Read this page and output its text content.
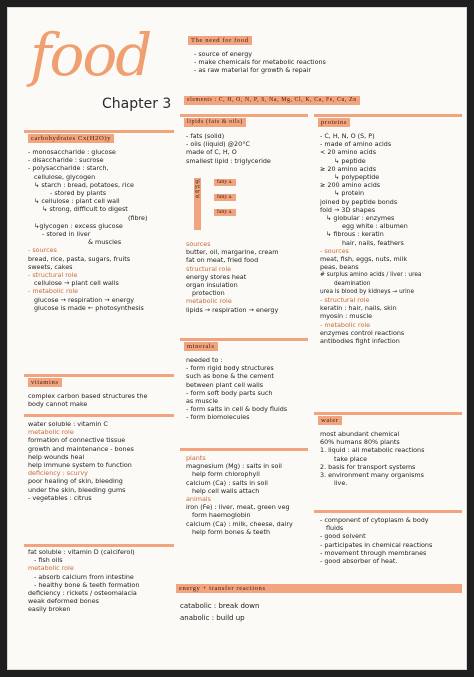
food
Chapter 3
The need for food
- source of energy
- make chemicals for metabolic reactions
- as raw material for growth & repair
elements : C, H, O, N, P, S, Na, Mg, Cl, K, Ca, Fe, Cu, Zn
carbohydrates Cx(H2O)y
- monosaccharide : glucose
- disaccharide : sucrose
- polysaccharide : starch,
cellulose, glycogen
↳ starch : bread, potatoes, rice
- stored by plants
↳ cellulose : plant cell wall
↳ strong, difficult to digest
(fibre)
↳glycogen : excess glucose
- stored in liver
& muscles
- sources
bread, rice, pasta, sugars, fruits
sweets, cakes
- structural role
cellulose → plant cell walls
- metabolic role
glucose → respiration → energy
glucose is made ← photosynthesis
vitamins
complex carbon based structures the
body cannot make
water soluble : vitamin C
metabolic role
formation of connective tissue
growth and maintenance - bones
help wounds heal
help immune system to function
deficiency : scurvy
poor healing of skin, bleeding
under the skin, bleeding gums
- vegetables : citrus
fat soluble : vitamin D (calciferol)
- fish oils
metabolic role
- absorb calcium from intestine
- healthy bone & teeth formation
deficiency : rickets / osteomalacia
weak deformed bones
easily broken
lipids (fats & oils)
- fats (solid)
- oils (liquid) @20°C
made of C, H, O
smallest lipid : triglyceride
glycerol
fatty a.
fatty a.
fatty a.
sources
butter, oil, margarine, cream
fat on meat, fried food
structural role
energy stores heat
organ insulation
protection
metabolic role
lipids → respiration → energy
minerals
needed to :
- form rigid body structures
such as bone & the cement
between plant cell walls
- form soft body parts such
as muscle
- form salts in cell & body fluids
- form biomolecules
plants
magnesium (Mg) : salts in soil
help form chlorophyll
calcium (Ca) : salts in soil
help cell walls attach
animals
iron (Fe) : liver, meat, green veg
form haemoglobin
calcium (Ca) : milk, cheese, dairy
help form bones & teeth
proteins
- C, H, N, O (S, P)
- made of amino acids
< 20 amino acids
↳ peptide
≥ 20 amino acids
↳ polypeptide
≥ 200 amino acids
↳ protein
joined by peptide bonds
fold → 3D shapes
↳ globular : enzymes
egg white : albumen
↳ fibrous : keratin
hair, nails, feathers
- sources
meat, fish, eggs, nuts, milk
peas, beans
# surplus amino acids / liver : urea
deamination
urea is blood by kidneys → urine
- structural role
keratin : hair, nails, skin
myosin : muscle
- metabolic role
enzymes control reactions
antibodies fight infection
water
most abundant chemical
60% humans 80% plants
1. liquid : all metabolic reactions
take place
2. basis for transport systems
3. environment many organisms
live.
- component of cytoplasm & body
fluids
- good solvent
- participates in chemical reactions
- movement through membranes
- good absorber of heat.
energy + transfer reactions
catabolic : break down
anabolic : build up
